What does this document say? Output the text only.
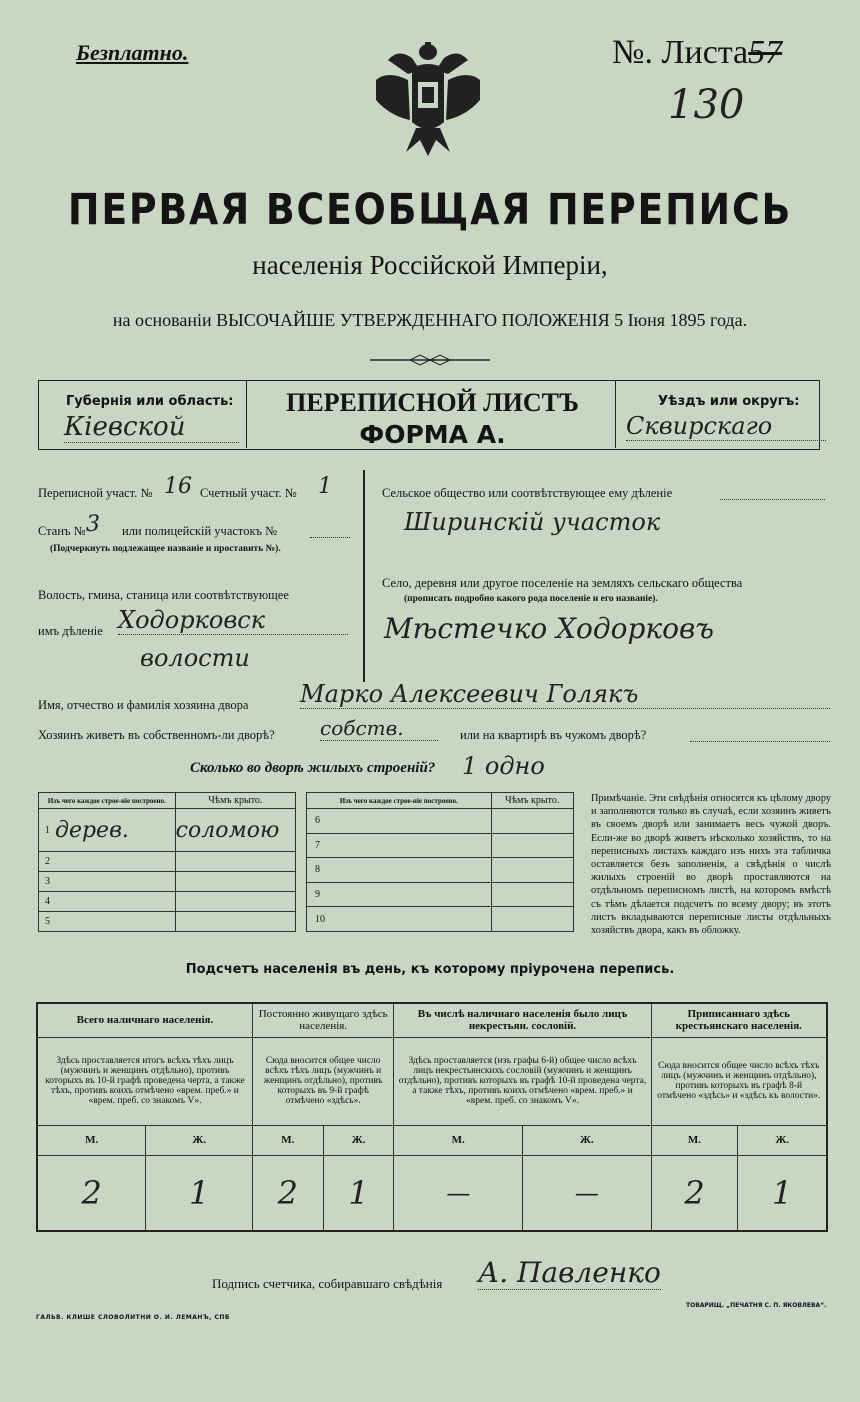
Безплатно.	№. Листа57
130
ПЕРВАЯ ВСЕОБЩАЯ ПЕРЕПИСЬ
населенія Россійской Имперіи,
на основаніи ВЫСОЧАЙШЕ УТВЕРЖДЕННАГО ПОЛОЖЕНІЯ 5 Іюня 1895 года.
Губернія или область:
Кіевской
ПЕРЕПИСНОЙ ЛИСТЪ
ФОРМА А.
Уѣздъ или округъ:
Сквирскаго
Переписной участ. № 16 Счетный участ. № 1
Станъ № 3 или полицейскій участокъ №
(Подчеркнуть подлежащее названіе и проставить №).
Волость, гмина, станица или соотвѣтствующее
имъ дѣленіе Ходорковск
волости
Сельское общество или соотвѣтствующее ему дѣленіе
Ширинскій участок
Село, деревня или другое поселеніе на земляхъ сельскаго общества
(прописать подробно какого рода поселеніе и его названіе).
Мѣстечко Ходорковъ
Имя, отчество и фамилія хозяина двора Марко Алексеевич Голякъ
Хозяинъ живетъ въ собственномъ-ли дворѣ? собств.	или на квартирѣ въ чужомъ дворѣ?
Сколько во дворѣ жилыхъ строеній? 1 одно
Изъ чего каждое строе-ніе построено.		Чѣмъ крыто.
1	дерев.	соломою
2		
3		
4		
5		
Изъ чего каждое строе-ніе построено.		Чѣмъ крыто.
6		
7		
8		
9		
10		
Примѣчаніе. Эти свѣдѣнія относятся къ цѣлому двору и заполняются только въ случаѣ, если хозяинъ живетъ въ своемъ дворѣ или занимаетъ весь чужой дворъ. Если-же во дворѣ живетъ нѣсколько хозяйствъ, то на переписныхъ листахъ каждаго изъ нихъ эта табличка оставляется безъ заполненія, а свѣдѣнія о числѣ жилыхъ строеній во дворѣ проставляются на отдѣльномъ переписномъ листѣ, на которомъ вмѣстѣ съ тѣмъ дѣлается подсчетъ по всему двору; въ этотъ листъ вкладываются переписные листы отдѣльныхъ хозяйствъ двора, какъ въ обложку.
Подсчетъ населенія въ день, къ которому пріурочена перепись.
Всего наличнаго населенія.		Постоянно живущаго здѣсь населенія.		Въ числѣ наличнаго населенія было лицъ некрестьян. сословій.		Приписаннаго здѣсь крестьянскаго населенія.	
Здѣсь проставляется итогъ всѣхъ тѣхъ лицъ (мужчинъ и женщинъ отдѣльно), противъ которыхъ въ 10-й графѣ проведена черта, а также тѣхъ, противъ коихъ отмѣчено «врем. преб.» и «врем. преб. со знакомъ V».		Сюда вносится общее число всѣхъ тѣхъ лицъ (мужчинъ и женщинъ отдѣльно), противъ которыхъ въ 9-й графѣ отмѣчено «здѣсь».		Здѣсь проставляется (изъ графы 6-й) общее число всѣхъ лицъ некрестьянскихъ сословій (мужчинъ и женщинъ отдѣльно), противъ которыхъ въ графѣ 10-й проведена черта, а также тѣхъ, противъ коихъ отмѣчено «врем. преб.» и «врем. преб. со знакомъ V».		Сюда вносится общее число всѣхъ тѣхъ лицъ (мужчинъ и женщинъ отдѣльно), противъ которыхъ въ графѣ 8-й отмѣчено «здѣсь» и «здѣсь къ волости».	
М.	Ж.	М.	Ж.	М.	Ж.	М.	Ж.
2	1	2	1	—	—	2	1
Подпись счетчика, собиравшаго свѣдѣнія А. Павленко
ГАЛЬВ. КЛИШЕ СЛОВОЛИТНИ О. И. ЛЕМАНЪ, СПБ
ТОВАРИЩ. „ПЕЧАТНЯ С. П. ЯКОВЛЕВА“.
